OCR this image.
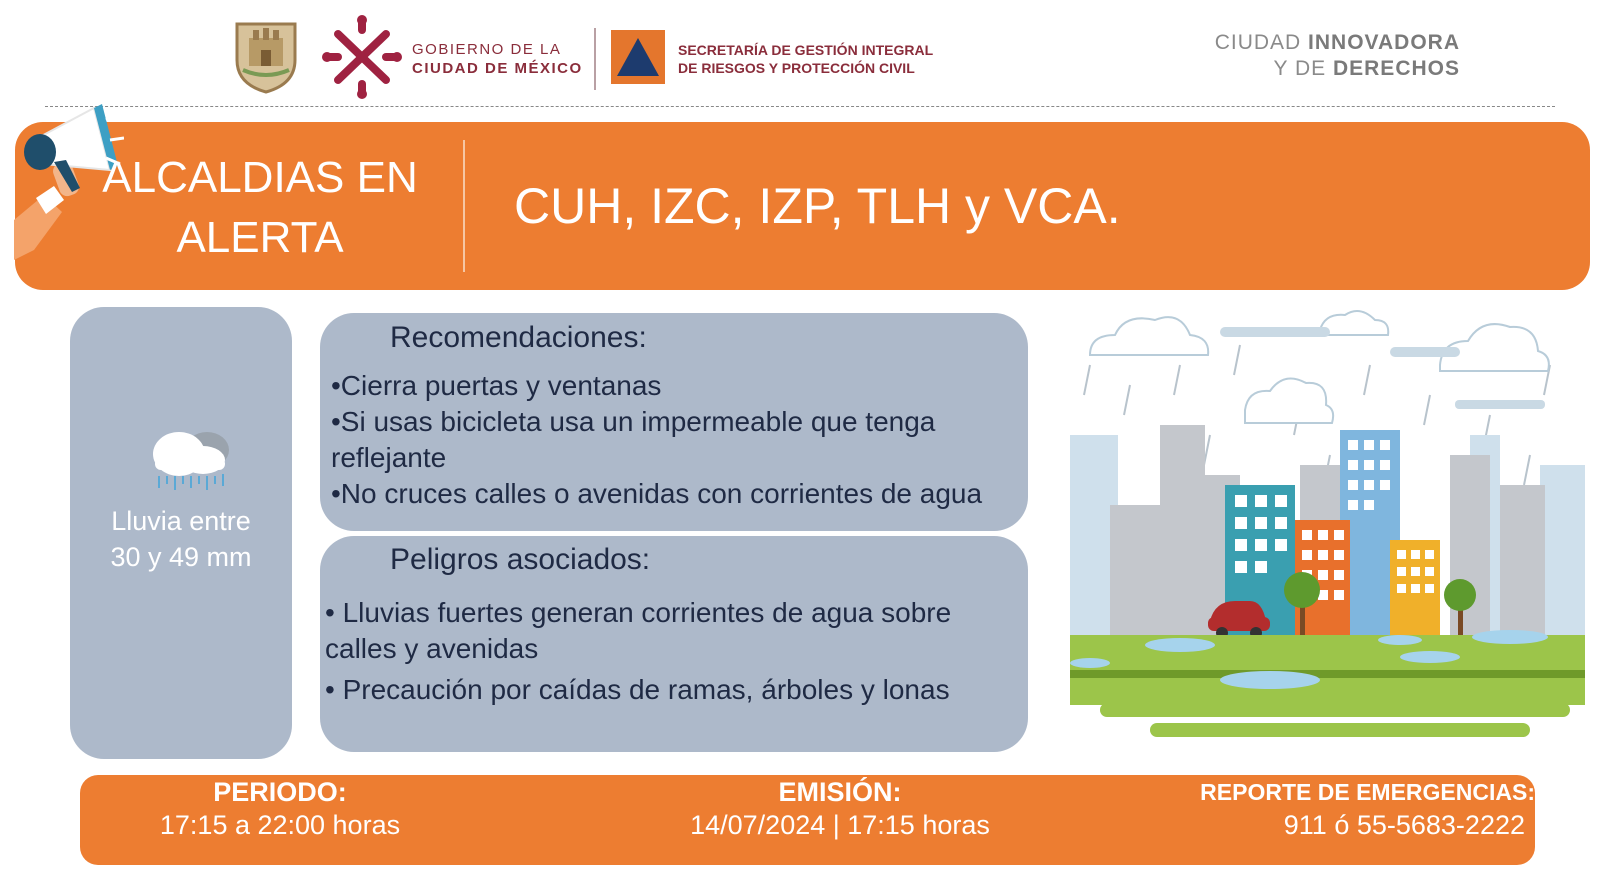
GOBIERNO DE LA
CIUDAD DE MÉXICO
SECRETARÍA DE GESTIÓN INTEGRAL
DE RIESGOS Y PROTECCIÓN CIVIL
CIUDAD INNOVADORA
Y DE DERECHOS
ALCALDIAS EN
ALERTA
CUH, IZC, IZP, TLH y VCA.
Lluvia entre
30 y 49 mm
Recomendaciones:
•Cierra puertas y ventanas
•Si usas bicicleta usa un impermeable que tenga
reflejante
•No cruces calles o avenidas con corrientes de agua
Peligros asociados:
• Lluvias fuertes generan corrientes de agua sobre
calles y avenidas
• Precaución por caídas de ramas, árboles y lonas
PERIODO:
17:15 a 22:00 horas
EMISIÓN:
14/07/2024 | 17:15 horas
REPORTE DE EMERGENCIAS:
911 ó 55-5683-2222
